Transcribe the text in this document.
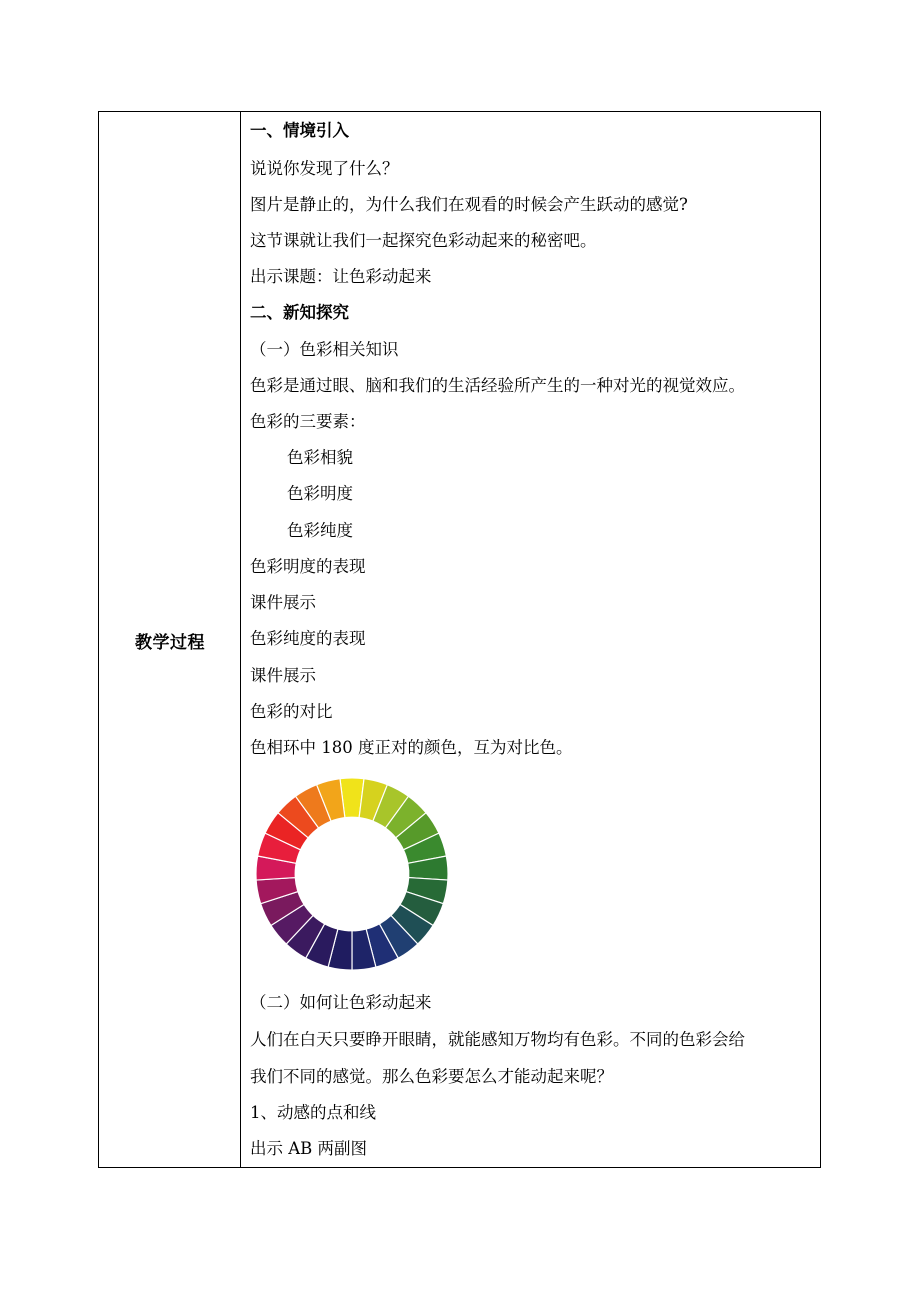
教学过程
一、情境引入
说说你发现了什么？
图片是静止的，为什么我们在观看的时候会产生跃动的感觉?
这节课就让我们一起探究色彩动起来的秘密吧。
出示课题：让色彩动起来
二、新知探究
（一）色彩相关知识
色彩是通过眼、脑和我们的生活经验所产生的一种对光的视觉效应。
色彩的三要素：
色彩相貌
色彩明度
色彩纯度
色彩明度的表现
课件展示
色彩纯度的表现
课件展示
色彩的对比
色相环中 180 度正对的颜色，互为对比色。
（二）如何让色彩动起来
人们在白天只要睁开眼睛，就能感知万物均有色彩。不同的色彩会给
我们不同的感觉。那么色彩要怎么才能动起来呢？
1、动感的点和线
出示 AB 两副图
